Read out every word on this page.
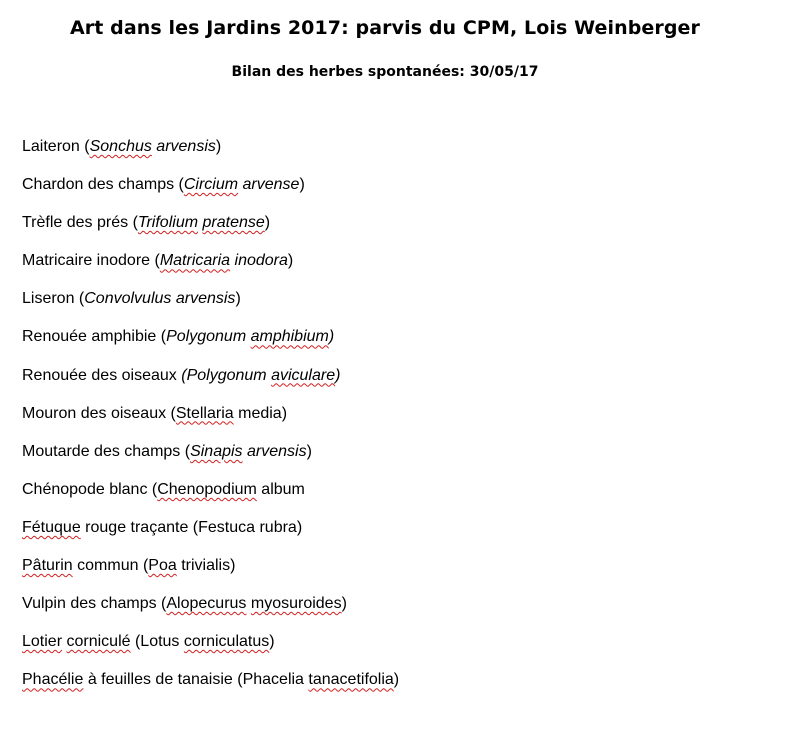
Art dans les Jardins 2017: parvis du CPM, Lois Weinberger
Bilan des herbes spontanées: 30/05/17
Laiteron (Sonchus arvensis)
Chardon des champs (Circium arvense)
Trèfle des prés (Trifolium pratense)
Matricaire inodore (Matricaria inodora)
Liseron (Convolvulus arvensis)
Renouée amphibie (Polygonum amphibium)
Renouée des oiseaux (Polygonum aviculare)
Mouron des oiseaux (Stellaria media)
Moutarde des champs (Sinapis arvensis)
Chénopode blanc (Chenopodium album
Fétuque rouge traçante (Festuca rubra)
Pâturin commun (Poa trivialis)
Vulpin des champs (Alopecurus myosuroides)
Lotier corniculé (Lotus corniculatus)
Phacélie à feuilles de tanaisie (Phacelia tanacetifolia)
